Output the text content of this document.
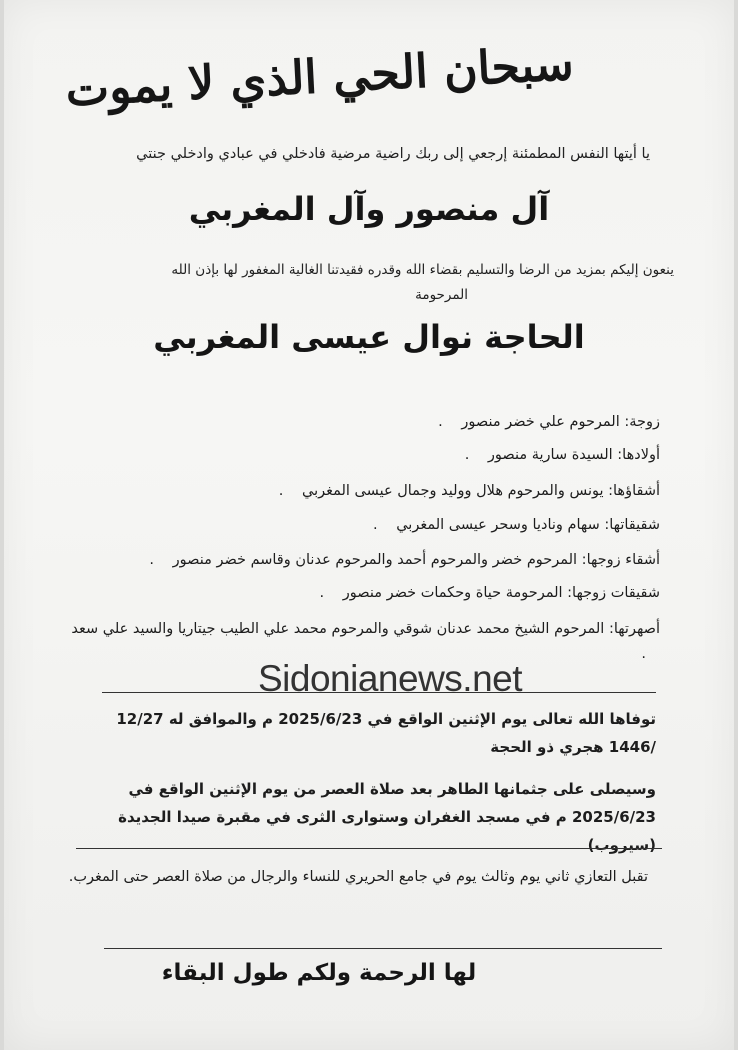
سبحان الحي الذي لا يموت
يا أيتها النفس المطمئنة إرجعي إلى ربك راضية مرضية فادخلي في عبادي وادخلي جنتي
آل منصور وآل المغربي
ينعون إليكم بمزيد من الرضا والتسليم بقضاء الله وقدره فقيدتنا الغالية المغفور لها بإذن الله
المرحومة
الحاجة نوال عيسى المغربي
زوجة: المرحوم علي خضر منصور .
أولادها: السيدة سارية منصور .
أشقاؤها: يونس والمرحوم هلال ووليد وجمال عيسى المغربي .
شقيقاتها: سهام وناديا وسحر عيسى المغربي .
أشقاء زوجها: المرحوم خضر والمرحوم أحمد والمرحوم عدنان وقاسم خضر منصور .
شقيقات زوجها: المرحومة حياة وحكمات خضر منصور .
أصهرتها: المرحوم الشيخ محمد عدنان شوقي والمرحوم محمد علي الطيب جيتاريا والسيد علي سعد .
Sidonianews.net
توفاها الله تعالى يوم الإثنين الواقع في 2025/6/23 م والموافق له 12/27 /1446 هجري ذو الحجة
وسيصلى على جثمانها الطاهر بعد صلاة العصر من يوم الإثنين الواقع في 2025/6/23 م في مسجد الغفران وستوارى الثرى في مقبرة صيدا الجديدة (سيروب)
تقبل التعازي ثاني يوم وثالث يوم في جامع الحريري للنساء والرجال من صلاة العصر حتى المغرب.
لها الرحمة ولكم طول البقاء
